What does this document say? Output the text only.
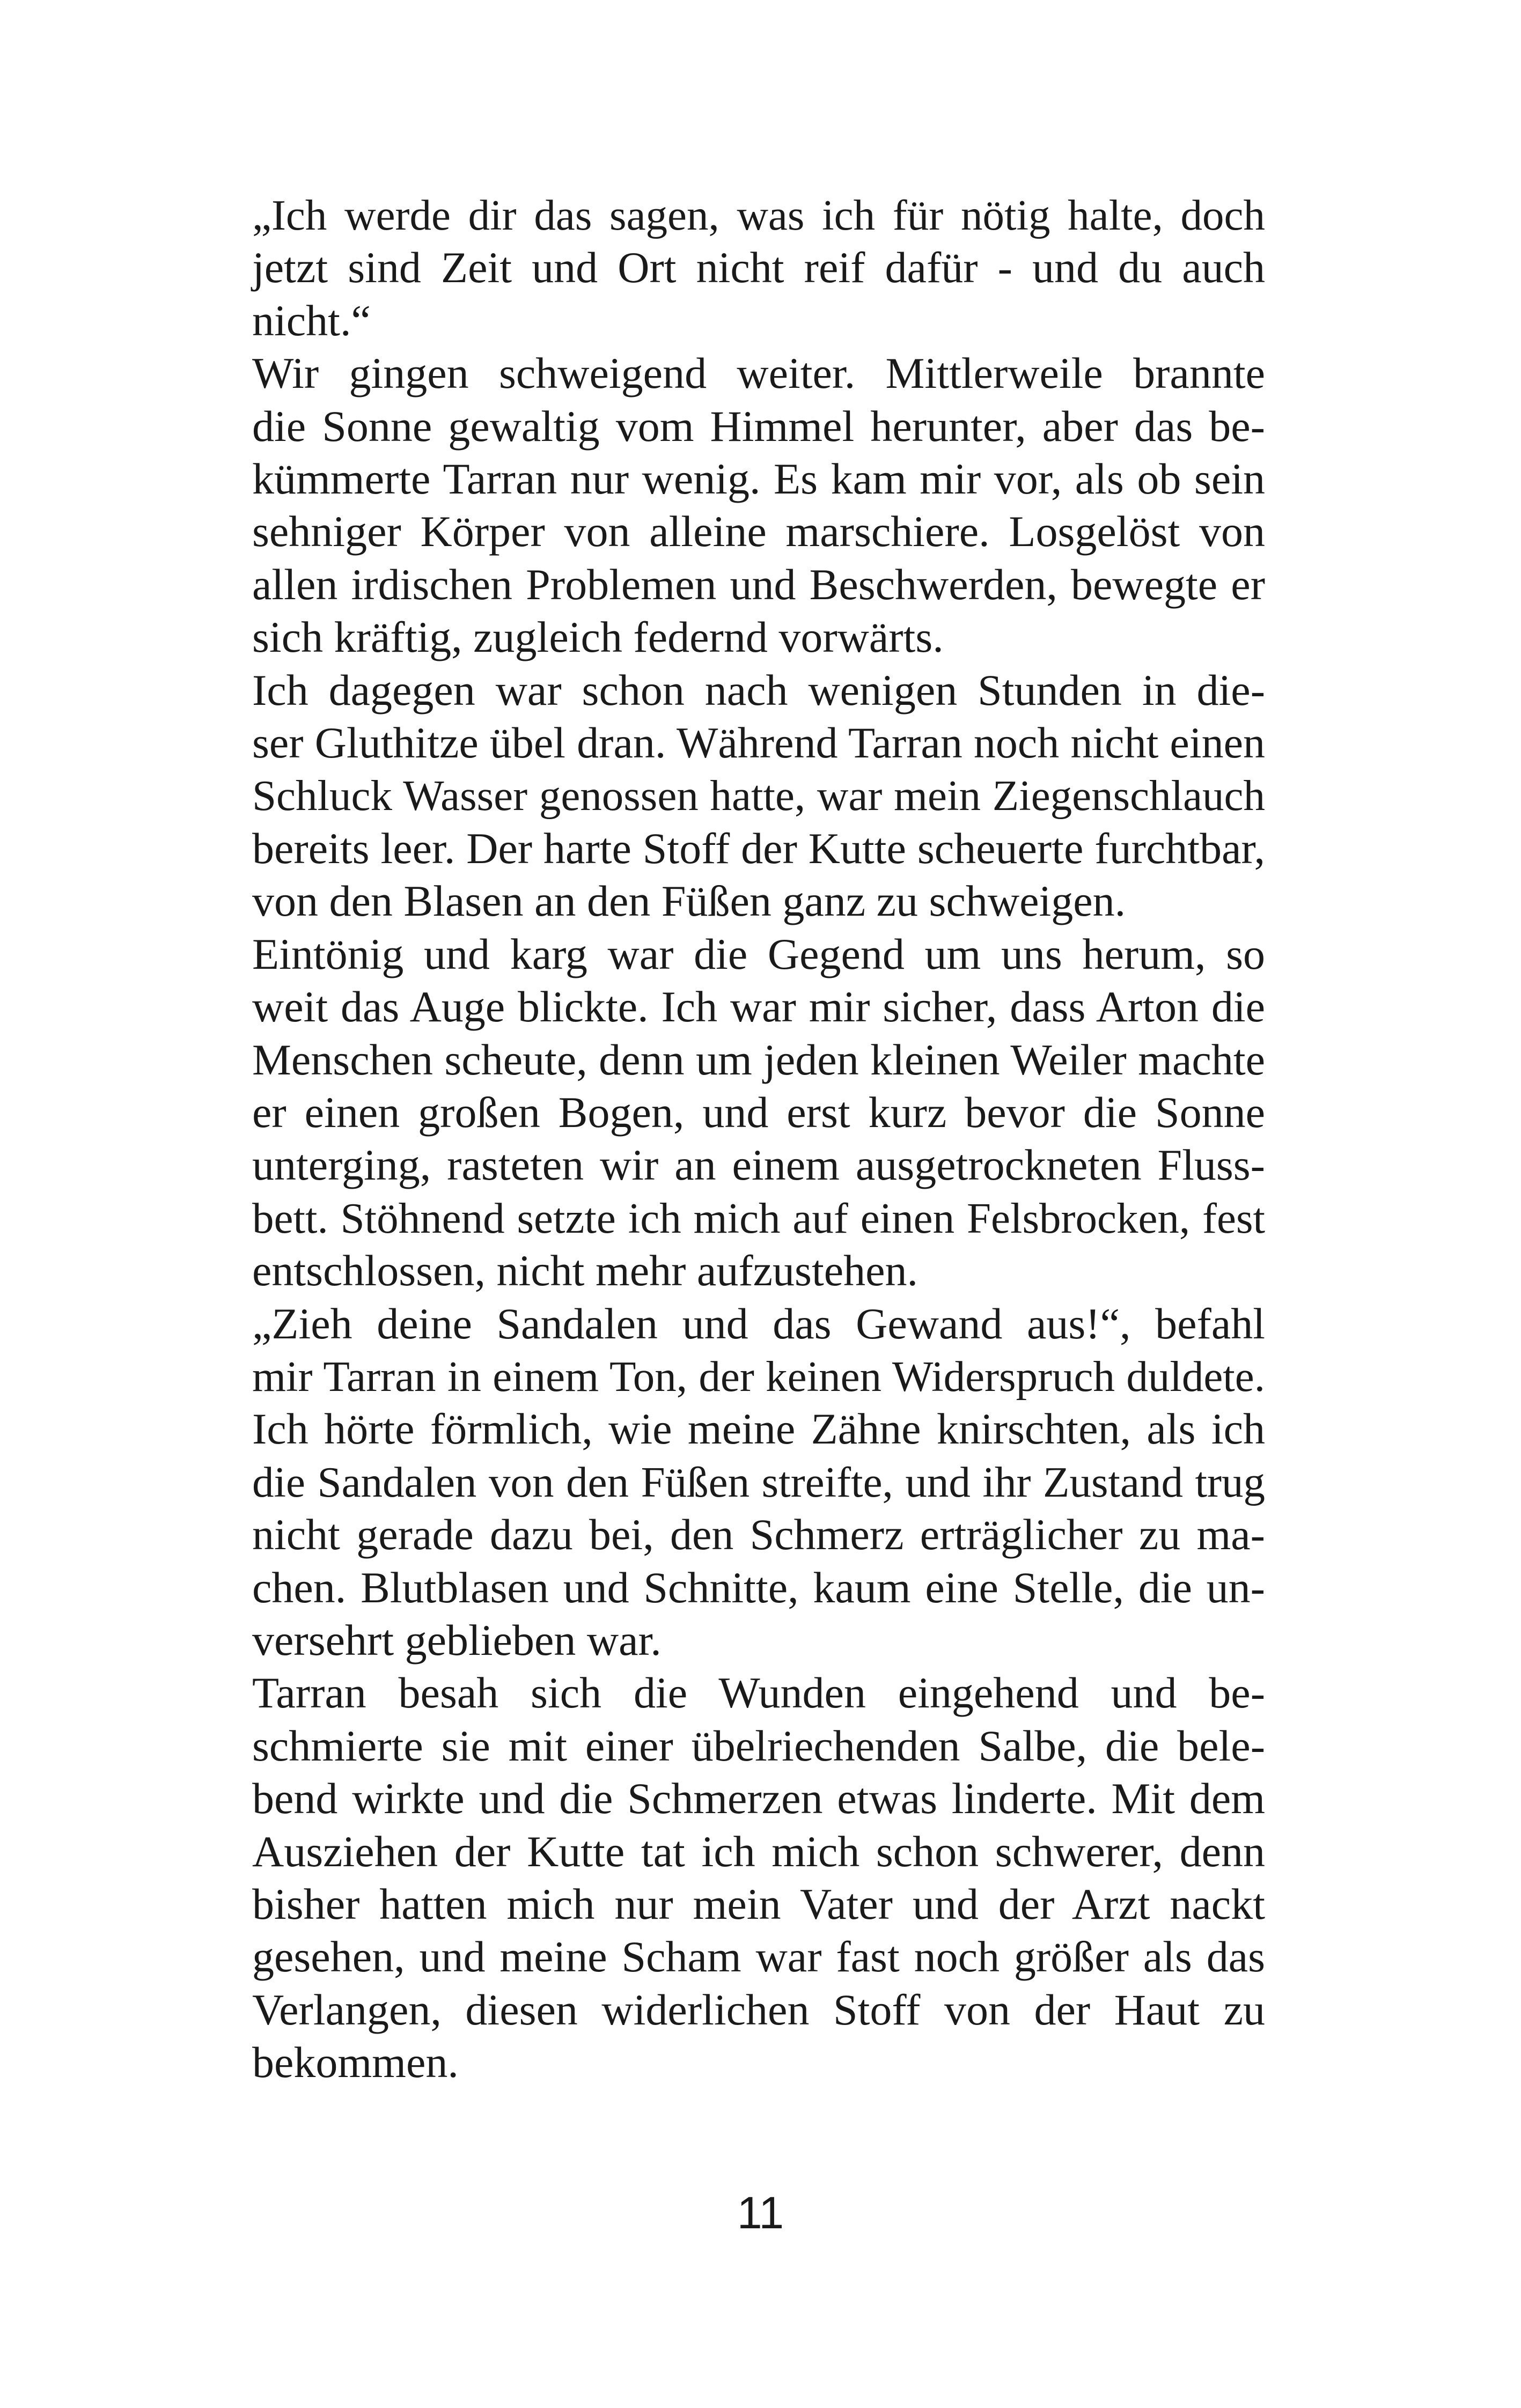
„Ich werde dir das sagen, was ich für nötig halte, doch
jetzt sind Zeit und Ort nicht reif dafür - und du auch
nicht.“

Wir gingen schweigend weiter. Mittlerweile brannte
die Sonne gewaltig vom Himmel herunter, aber das be-
kümmerte Tarran nur wenig. Es kam mir vor, als ob sein
sehniger Körper von alleine marschiere. Losgelöst von
allen irdischen Problemen und Beschwerden, bewegte er
sich kräftig, zugleich federnd vorwärts.

Ich dagegen war schon nach wenigen Stunden in die-
ser Gluthitze übel dran. Während Tarran noch nicht einen
Schluck Wasser genossen hatte, war mein Ziegenschlauch
bereits leer. Der harte Stoff der Kutte scheuerte furchtbar,
von den Blasen an den Füßen ganz zu schweigen.

Eintönig und karg war die Gegend um uns herum, so
weit das Auge blickte. Ich war mir sicher, dass Arton die
Menschen scheute, denn um jeden kleinen Weiler machte
er einen großen Bogen, und erst kurz bevor die Sonne
unterging, rasteten wir an einem ausgetrockneten Fluss-
bett. Stöhnend setzte ich mich auf einen Felsbrocken, fest
entschlossen, nicht mehr aufzustehen.

„Zieh deine Sandalen und das Gewand aus!“, befahl
mir Tarran in einem Ton, der keinen Widerspruch duldete.
Ich hörte förmlich, wie meine Zähne knirschten, als ich
die Sandalen von den Füßen streifte, und ihr Zustand trug
nicht gerade dazu bei, den Schmerz erträglicher zu ma-
chen. Blutblasen und Schnitte, kaum eine Stelle, die un-
versehrt geblieben war.

Tarran besah sich die Wunden eingehend und be-
schmierte sie mit einer übelriechenden Salbe, die bele-
bend wirkte und die Schmerzen etwas linderte. Mit dem
Ausziehen der Kutte tat ich mich schon schwerer, denn
bisher hatten mich nur mein Vater und der Arzt nackt
gesehen, und meine Scham war fast noch größer als das
Verlangen, diesen widerlichen Stoff von der Haut zu
bekommen.

11
